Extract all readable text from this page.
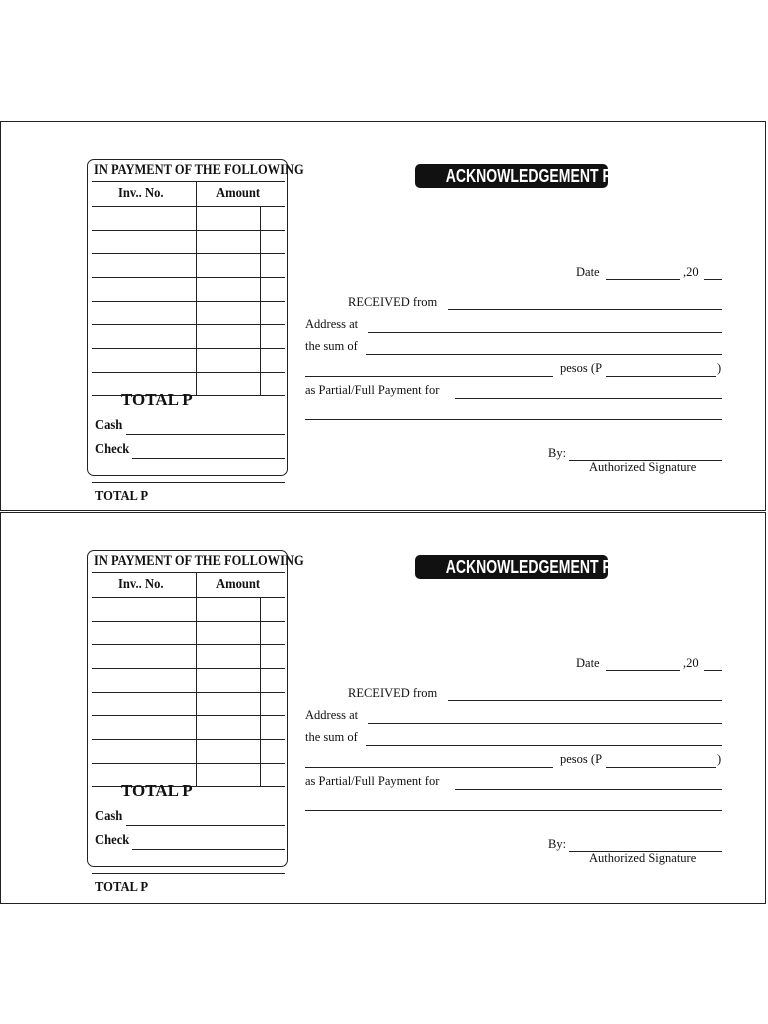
IN PAYMENT OF THE FOLLOWING
Inv.. No.	Amount
TOTAL P
Cash
Check
TOTAL P
ACKNOWLEDGEMENT RECEIPT
Date	,20
RECEIVED from
Address at
the sum of
pesos (P	)
as Partial/Full Payment for
By:
Authorized Signature
IN PAYMENT OF THE FOLLOWING
Inv.. No.	Amount
TOTAL P
Cash
Check
TOTAL P
ACKNOWLEDGEMENT RECEIPT
Date	,20
RECEIVED from
Address at
the sum of
pesos (P	)
as Partial/Full Payment for
By:
Authorized Signature
